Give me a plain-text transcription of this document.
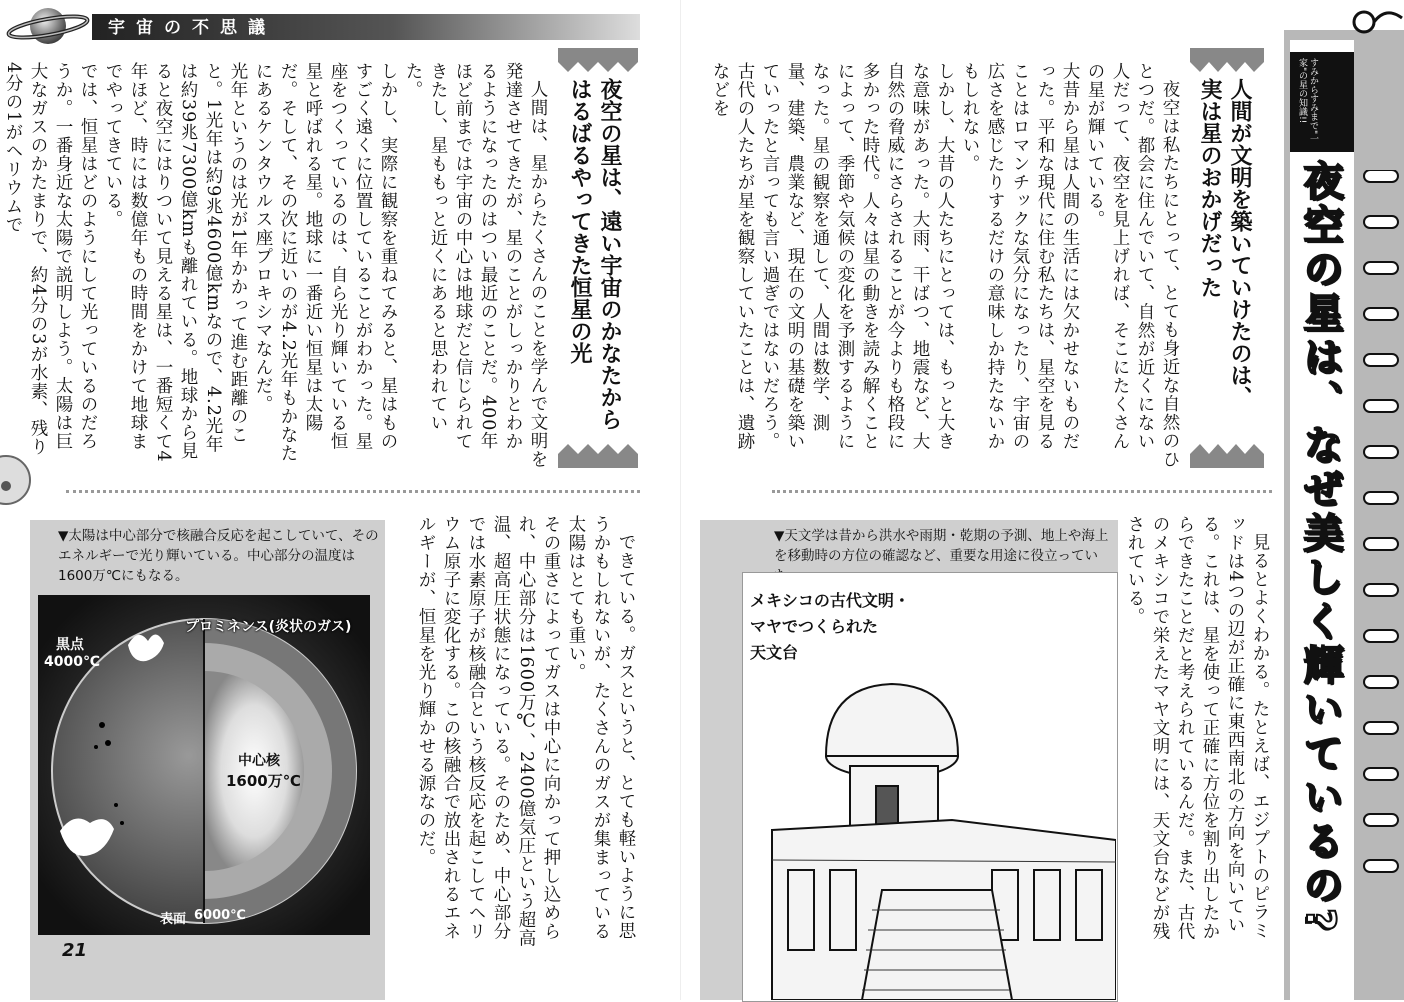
宇宙の不思議
夜空の星は、遠い宇宙のかなたから
はるばるやってきた恒星の光
人間は、星からたくさんのことを学んで文明を発達させてきたが、星のことがしっかりとわかるようになったのはつい最近のことだ。400年ほど前までは宇宙の中心は地球だと信じられてきたし、星ももっと近くにあると思われていた。
しかし、実際に観察を重ねてみると、星はものすごく遠くに位置していることがわかった。星座をつくっているのは、自ら光り輝いている恒星と呼ばれる星。地球に一番近い恒星は太陽だ。そして、その次に近いのが4.2光年もかなたにあるケンタウルス座プロキシマなんだ。
光年というのは光が1年かかって進む距離のこと。1光年は約9兆4600億kmなので、4.2光年は約39兆7300億kmも離れている。地球から見ると夜空にはりついて見える星は、一番短くて4年ほど、時には数億年もの時間をかけて地球までやってきている。
では、恒星はどのようにして光っているのだろうか。一番身近な太陽で説明しよう。太陽は巨大なガスのかたまりで、約4分の3が水素、残り4分の1がヘリウムで
できている。ガスというと、とても軽いように思うかもしれないが、たくさんのガスが集まっている太陽はとても重い。
その重さによってガスは中心に向かって押し込められ、中心部分は1600万℃、2400億気圧という超高温、超高圧状態になっている。そのため、中心部分では水素原子が核融合という核反応を起こしてヘリウム原子に変化する。この核融合で放出されるエネルギーが、恒星を光り輝かせる源なのだ。
▼太陽は中心部分で核融合反応を起こしていて、そのエネルギーで光り輝いている。中心部分の温度は1600万℃にもなる。
プロミネンス(炎状のガス)
黒点
4000℃
中心核
1600万℃
表面 6000℃
21
人間が文明を築いていけたのは、
実は星のおかげだった
夜空は私たちにとって、とても身近な自然のひとつだ。都会に住んでいて、自然が近くにない人だって、夜空を見上げれば、そこにたくさんの星が輝いている。
大昔から星は人間の生活には欠かせないものだった。平和な現代に住む私たちは、星空を見ることはロマンチックな気分になったり、宇宙の広さを感じたりするだけの意味しか持たないかもしれない。
しかし、大昔の人たちにとっては、もっと大きな意味があった。大雨、干ばつ、地震など、大自然の脅威にさらされることが今よりも格段に多かった時代。人々は星の動きを読み解くことによって、季節や気候の変化を予測するようになった。星の観察を通して、人間は数学、測量、建築、農業など、現在の文明の基礎を築いていったと言っても言い過ぎではないだろう。
古代の人たちが星を観察していたことは、遺跡などを
見るとよくわかる。たとえば、エジプトのピラミッドは4つの辺が正確に東西南北の方向を向いている。これは、星を使って正確に方位を割り出したからできたことだと考えられているんだ。また、古代のメキシコで栄えたマヤ文明には、天文台などが残されている。
▼天文学は昔から洪水や雨期・乾期の予測、地上や海上を移動時の方位の確認など、重要な用途に役立ってい
メキシコの古代文明・
マヤでつくられた
天文台
すみからすみまで"一家"の星の知識!!
夜空の星は、なぜ美しく輝いているの?
